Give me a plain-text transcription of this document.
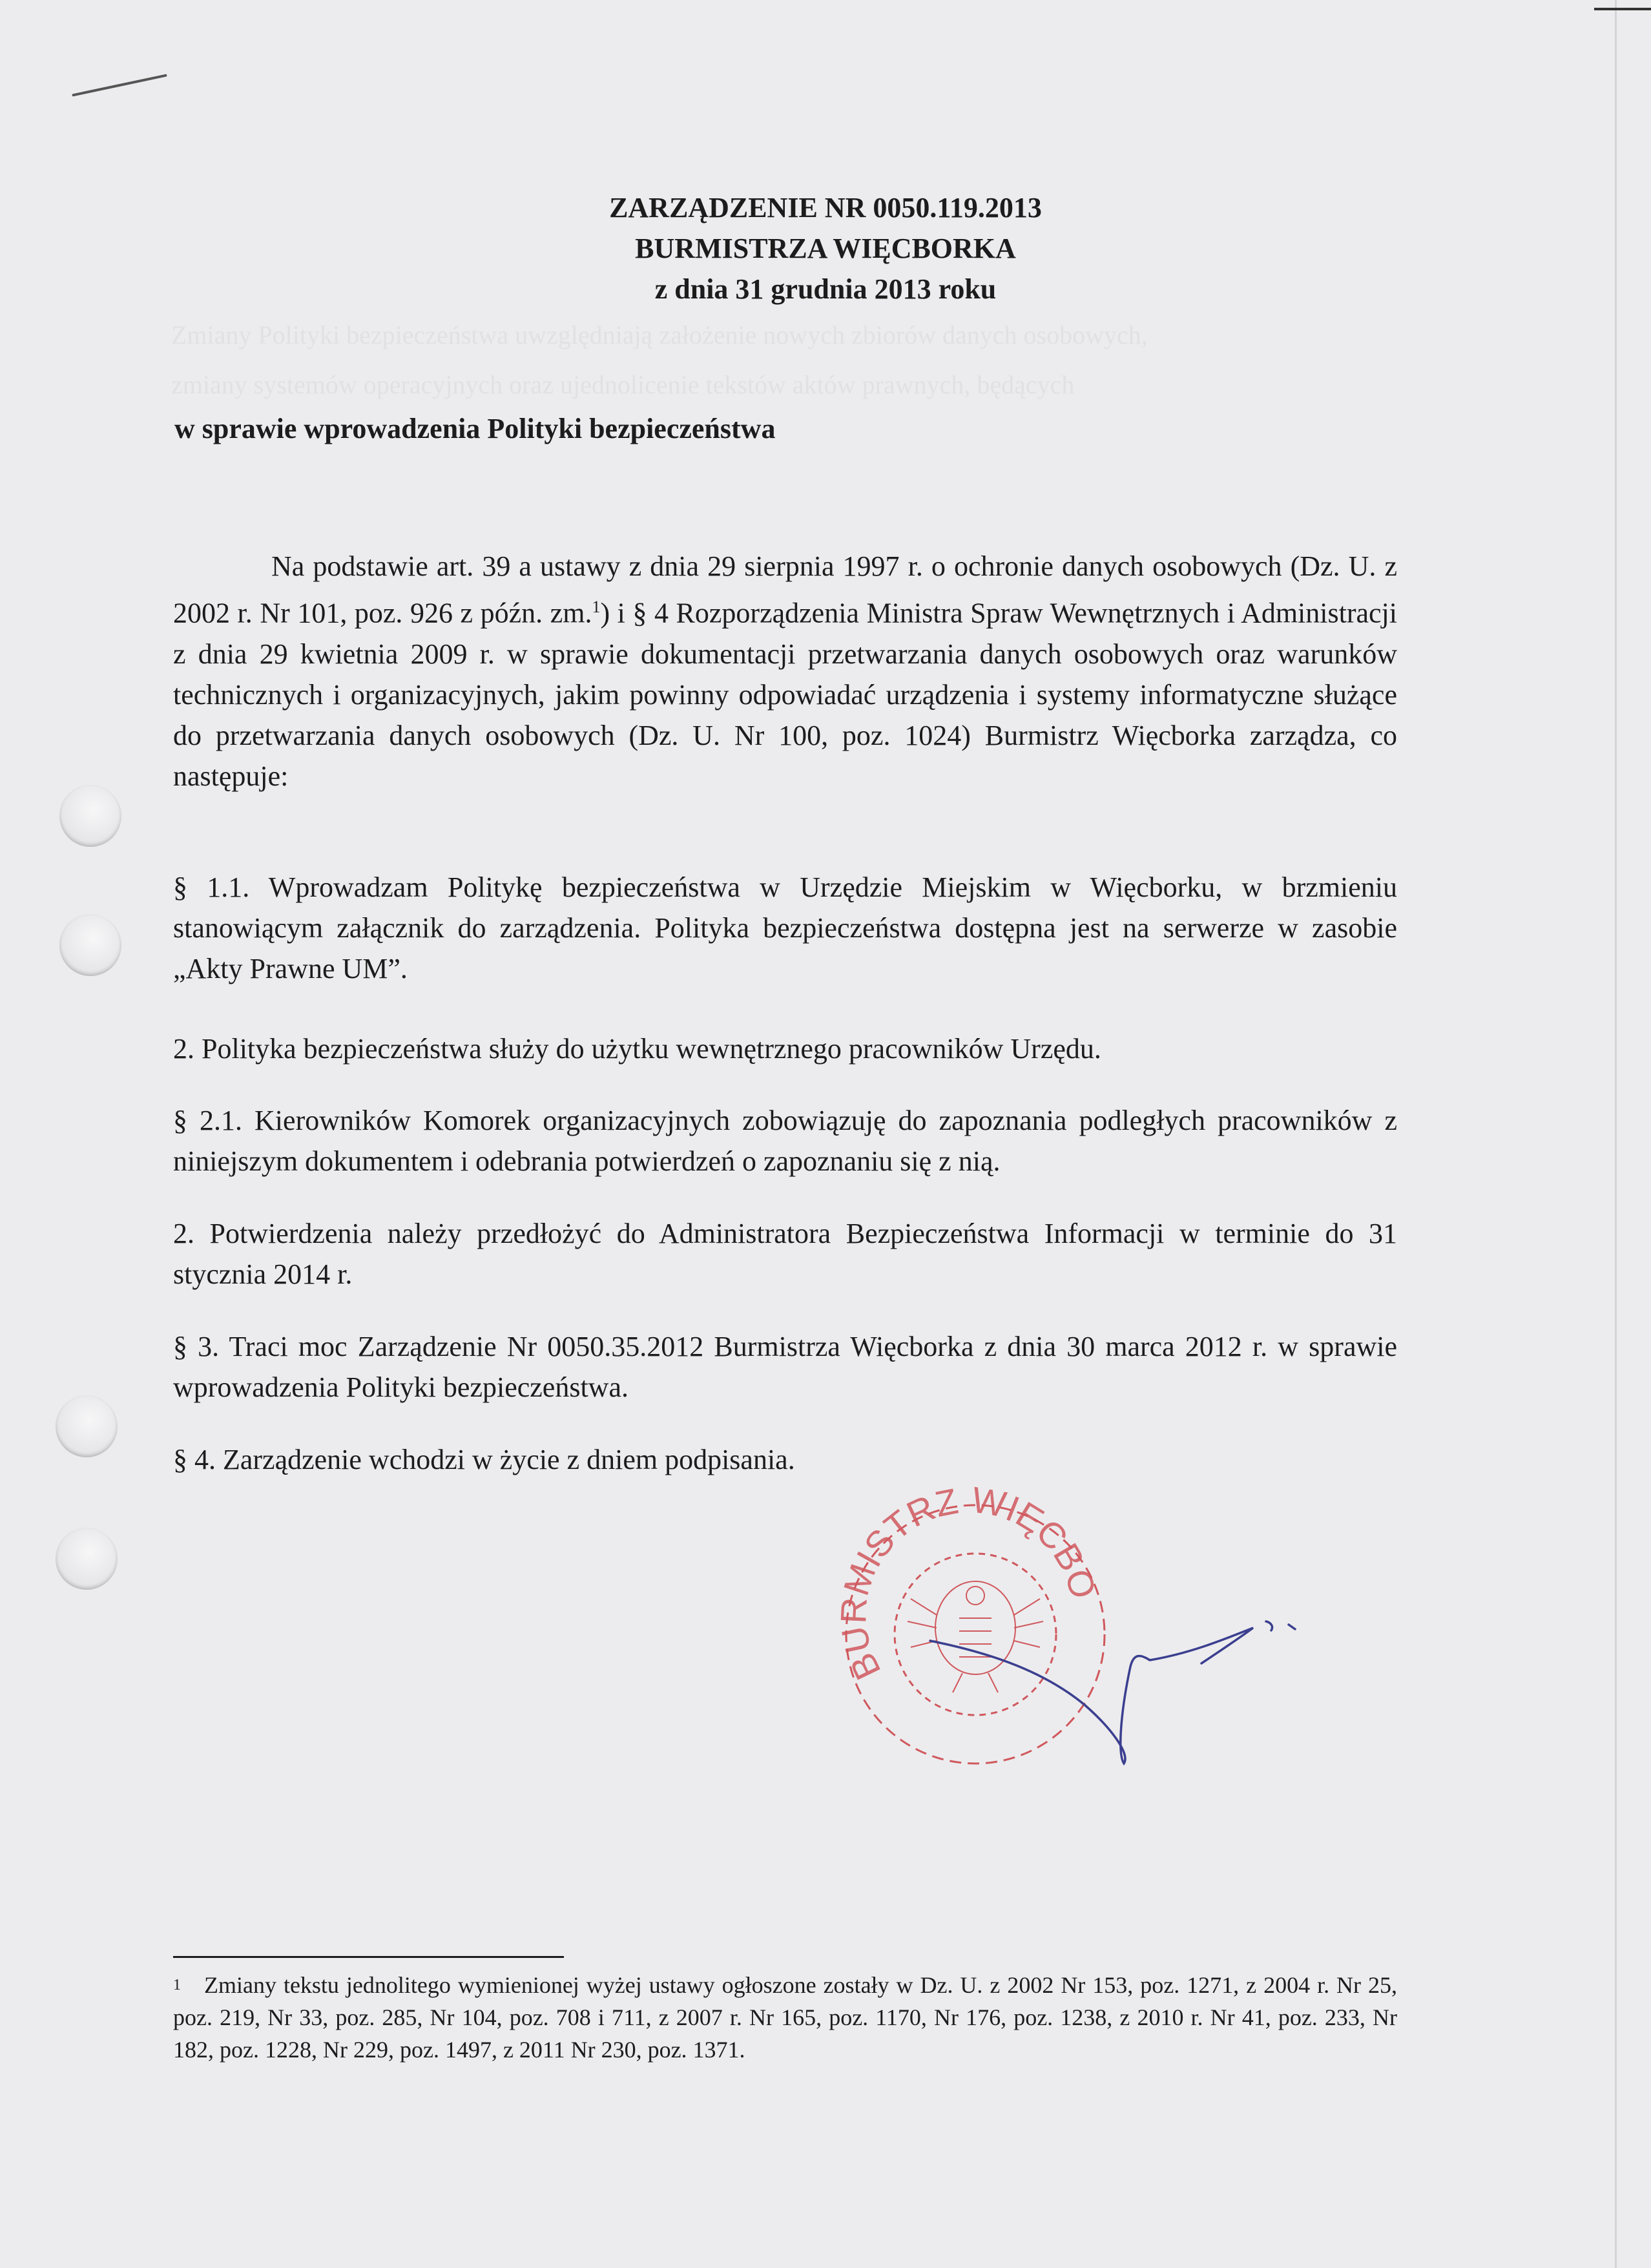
Zmiany Polityki bezpieczeństwa uwzględniają założenie nowych zbiorów danych osobowych,
zmiany systemów operacyjnych oraz ujednolicenie tekstów aktów prawnych, będących
ZARZĄDZENIE NR 0050.119.2013
BURMISTRZA WIĘCBORKA
z dnia 31 grudnia 2013 roku
w sprawie wprowadzenia Polityki bezpieczeństwa
Na podstawie art. 39 a ustawy z dnia 29 sierpnia 1997 r. o ochronie danych osobowych (Dz. U. z 2002 r. Nr 101, poz. 926 z późn. zm.$^1$) i § 4 Rozporządzenia Ministra Spraw Wewnętrznych i Administracji z dnia 29 kwietnia 2009 r. w sprawie dokumentacji przetwarzania danych osobowych oraz warunków technicznych i organizacyjnych, jakim powinny odpowiadać urządzenia i systemy informatyczne służące do przetwarzania danych osobowych (Dz. U. Nr 100, poz. 1024) Burmistrz Więcborka zarządza, co następuje:
§ 1.1. Wprowadzam Politykę bezpieczeństwa w Urzędzie Miejskim w Więcborku, w brzmieniu stanowiącym załącznik do zarządzenia. Polityka bezpieczeństwa dostępna jest na serwerze w zasobie „Akty Prawne UM”.
2. Polityka bezpieczeństwa służy do użytku wewnętrznego pracowników Urzędu.
§ 2.1. Kierowników Komorek organizacyjnych zobowiązuję do zapoznania podległych pracowników z niniejszym dokumentem i odebrania potwierdzeń o zapoznaniu się z nią.
2. Potwierdzenia należy przedłożyć do Administratora Bezpieczeństwa Informacji w terminie do 31 stycznia 2014 r.
§ 3. Traci moc Zarządzenie Nr 0050.35.2012 Burmistrza Więcborka z dnia 30 marca 2012 r. w sprawie wprowadzenia Polityki bezpieczeństwa.
§ 4. Zarządzenie wchodzi w życie z dniem podpisania.
BURMISTRZ WIĘCBORKA
$^1$ Zmiany tekstu jednolitego wymienionej wyżej ustawy ogłoszone zostały w Dz. U. z 2002 Nr 153, poz. 1271, z 2004 r. Nr 25, poz. 219, Nr 33, poz. 285, Nr 104, poz. 708 i 711, z 2007 r. Nr 165, poz. 1170, Nr 176, poz. 1238, z 2010 r. Nr 41, poz. 233, Nr 182, poz. 1228, Nr 229, poz. 1497, z 2011 Nr 230, poz. 1371.
